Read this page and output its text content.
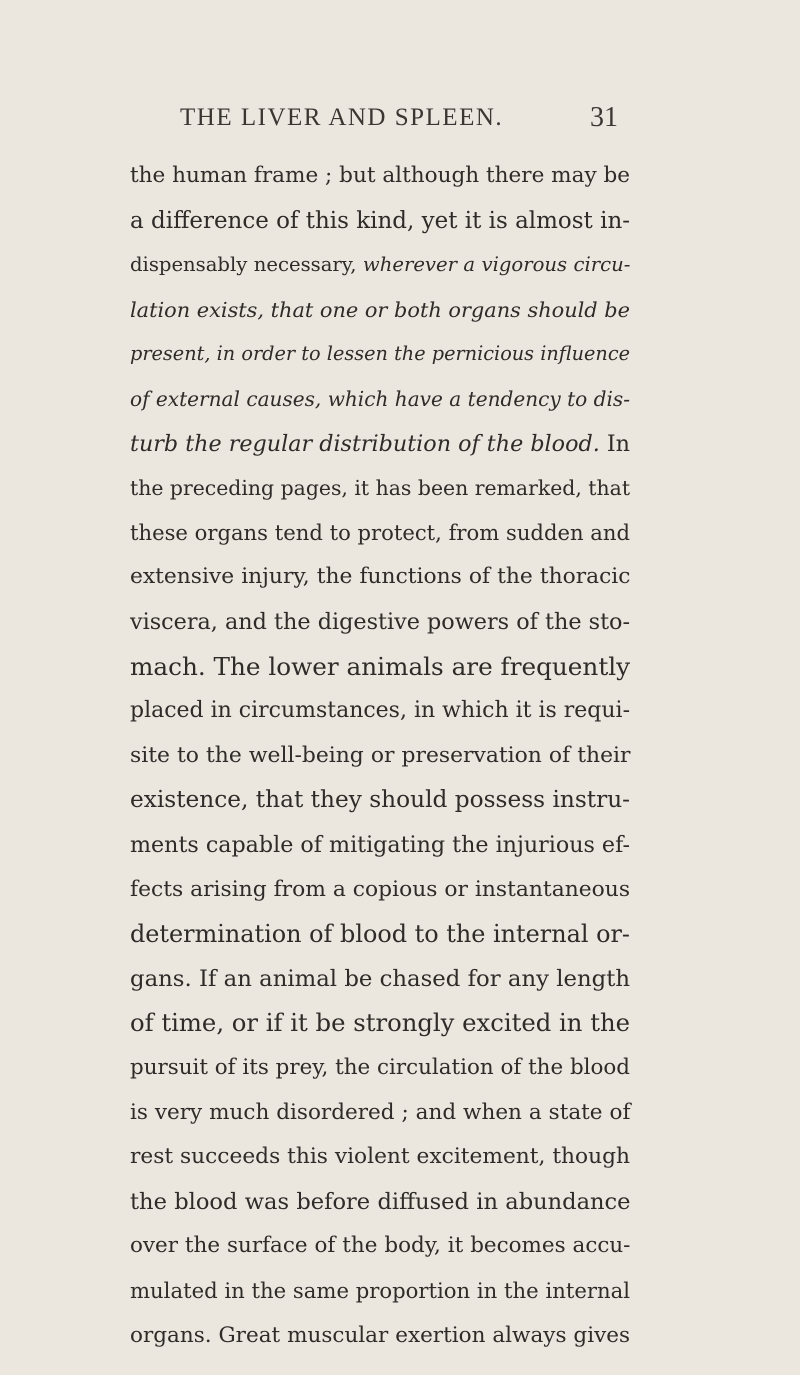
THE LIVER AND SPLEEN.	31
the human frame ; but although there may be
a difference of this kind, yet it is almost in-
dispensably necessary, wherever a vigorous circu-
lation exists, that one or both organs should be
present, in order to lessen the pernicious influence
of external causes, which have a tendency to dis-
turb the regular distribution of the blood. In
the preceding pages, it has been remarked, that
these organs tend to protect, from sudden and
extensive injury, the functions of the thoracic
viscera, and the digestive powers of the sto-
mach. The lower animals are frequently
placed in circumstances, in which it is requi-
site to the well-being or preservation of their
existence, that they should possess instru-
ments capable of mitigating the injurious ef-
fects arising from a copious or instantaneous
determination of blood to the internal or-
gans. If an animal be chased for any length
of time, or if it be strongly excited in the
pursuit of its prey, the circulation of the blood
is very much disordered ; and when a state of
rest succeeds this violent excitement, though
the blood was before diffused in abundance
over the surface of the body, it becomes accu-
mulated in the same proportion in the internal
organs. Great muscular exertion always gives
